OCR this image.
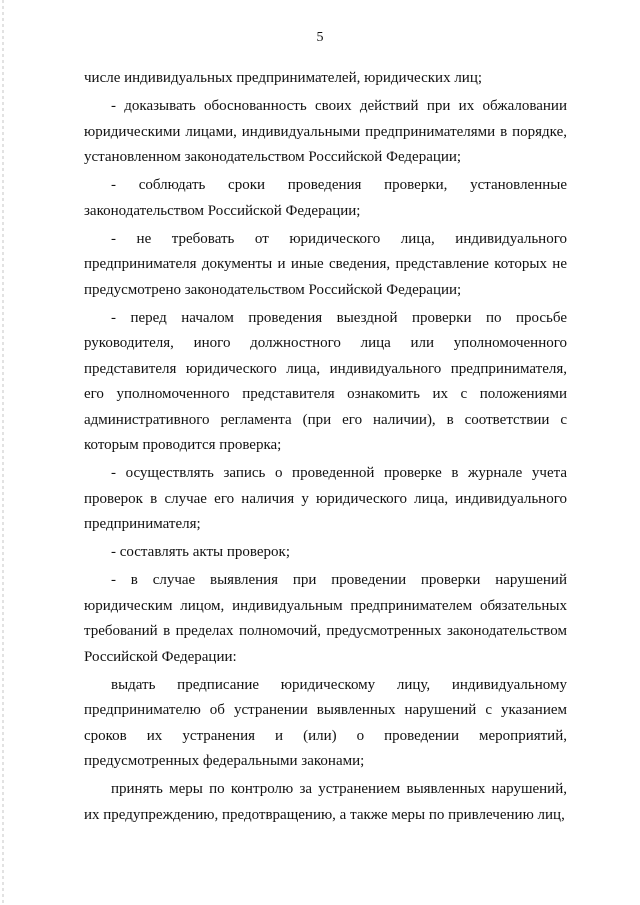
5

числе индивидуальных предпринимателей, юридических лиц;

- доказывать обоснованность своих действий при их обжаловании юридическими лицами, индивидуальными предпринимателями в порядке, установленном законодательством Российской Федерации;

- соблюдать сроки проведения проверки, установленные законодательством Российской Федерации;

- не требовать от юридического лица, индивидуального предпринимателя документы и иные сведения, представление которых не предусмотрено законодательством Российской Федерации;

- перед началом проведения выездной проверки по просьбе руководителя, иного должностного лица или уполномоченного представителя юридического лица, индивидуального предпринимателя, его уполномоченного представителя ознакомить их с положениями административного регламента (при его наличии), в соответствии с которым проводится проверка;

- осуществлять запись о проведенной проверке в журнале учета проверок в случае его наличия у юридического лица, индивидуального предпринимателя;

- составлять акты проверок;

- в случае выявления при проведении проверки нарушений юридическим лицом, индивидуальным предпринимателем обязательных требований в пределах полномочий, предусмотренных законодательством Российской Федерации:

выдать предписание юридическому лицу, индивидуальному предпринимателю об устранении выявленных нарушений с указанием сроков их устранения и (или) о проведении мероприятий, предусмотренных федеральными законами;

принять меры по контролю за устранением выявленных нарушений, их предупреждению, предотвращению, а также меры по привлечению лиц,
